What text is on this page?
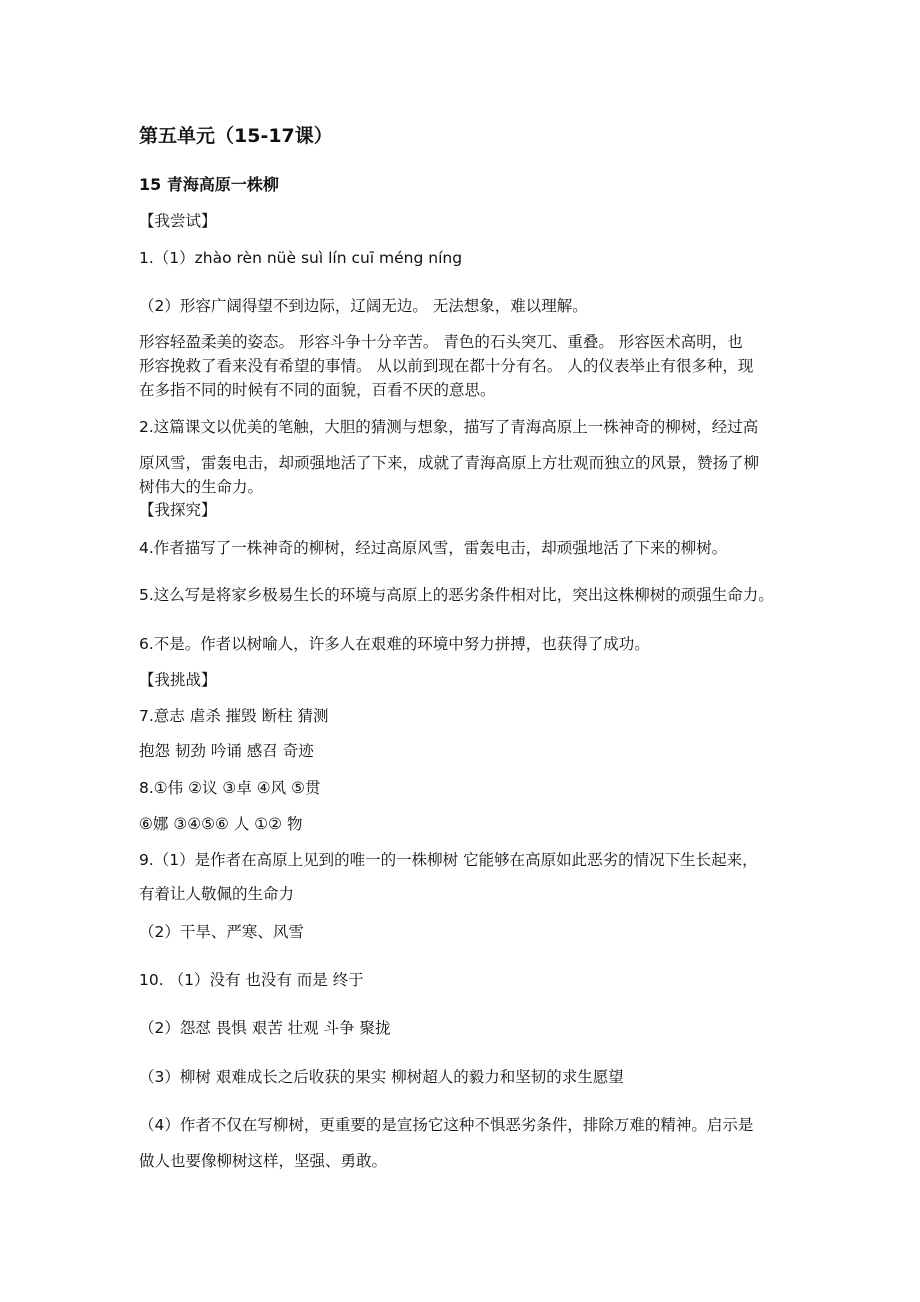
第五单元（15-17课）
15 青海高原一株柳
【我尝试】
1.（1）zhào rèn nüè suì lín cuī méng níng
（2）形容广阔得望不到边际，辽阔无边。 无法想象，难以理解。
形容轻盈柔美的姿态。 形容斗争十分辛苦。 青色的石头突兀、重叠。 形容医术高明，也
形容挽救了看来没有希望的事情。 从以前到现在都十分有名。 人的仪表举止有很多种，现
在多指不同的时候有不同的面貌，百看不厌的意思。
2.这篇课文以优美的笔触，大胆的猜测与想象，描写了青海高原上一株神奇的柳树，经过高
原风雪，雷轰电击，却顽强地活了下来，成就了青海高原上方壮观而独立的风景，赞扬了柳
树伟大的生命力。
【我探究】
4.作者描写了一株神奇的柳树，经过高原风雪，雷轰电击，却顽强地活了下来的柳树。
5.这么写是将家乡极易生长的环境与高原上的恶劣条件相对比，突出这株柳树的顽强生命力。
6.不是。作者以树喻人，许多人在艰难的环境中努力拼搏，也获得了成功。
【我挑战】
7.意志 虐杀 摧毁 断柱 猜测
抱怨 韧劲 吟诵 感召 奇迹
8.①伟 ②议 ③卓 ④风 ⑤贯
⑥娜 ③④⑤⑥ 人 ①② 物
9.（1）是作者在高原上见到的唯一的一株柳树 它能够在高原如此恶劣的情况下生长起来，
有着让人敬佩的生命力
（2）干旱、严寒、风雪
10. （1）没有 也没有 而是 终于
（2）怨怼 畏惧 艰苦 壮观 斗争 聚拢
（3）柳树 艰难成长之后收获的果实 柳树超人的毅力和坚韧的求生愿望
（4）作者不仅在写柳树，更重要的是宣扬它这种不惧恶劣条件，排除万难的精神。启示是
做人也要像柳树这样，坚强、勇敢。
